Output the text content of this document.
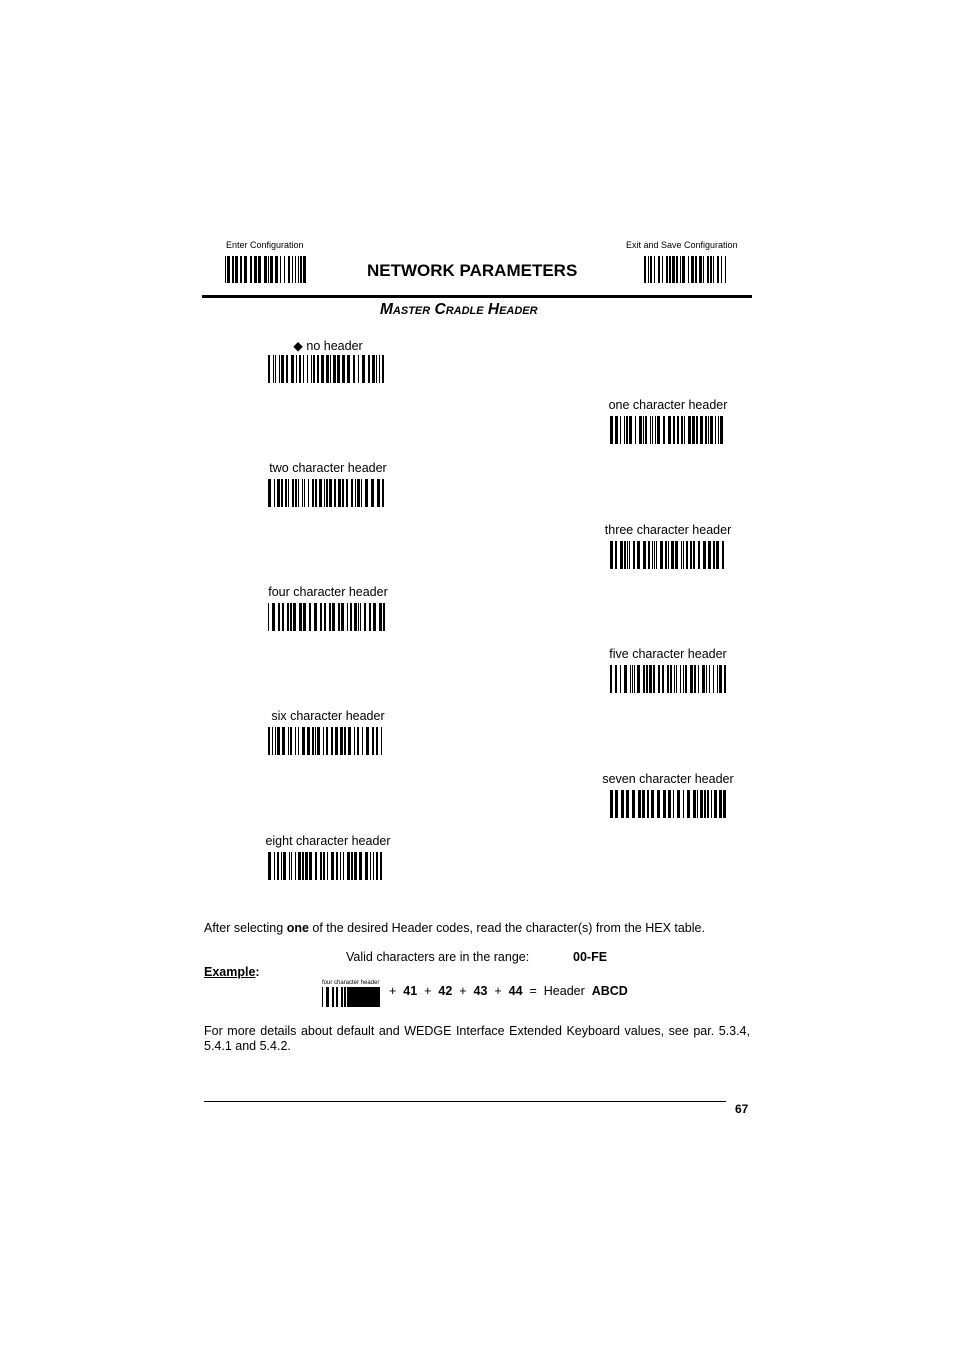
Enter Configuration
NETWORK PARAMETERS
Exit and Save Configuration
Master Cradle Header
◆ no header
one character header
two character header
three character header
four character header
five character header
six character header
seven character header
eight character header
After selecting one of the desired Header codes, read the character(s) from the HEX table.
Valid characters are in the range:	00-FE
Example:
four character header
+ 41 + 42 + 43 + 44 = Header ABCD
For more details about default and WEDGE Interface Extended Keyboard values, see par. 5.3.4, 5.4.1 and 5.4.2.
67
